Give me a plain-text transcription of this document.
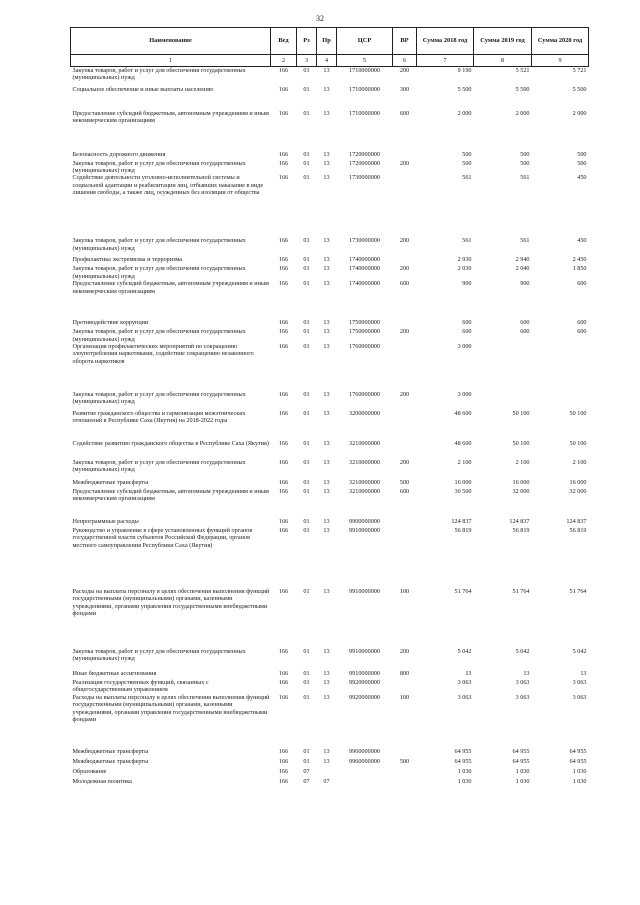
32
Наименование	Вед	Рз	Пр	ЦСР	ВР	Сумма 2018 год	Сумма 2019 год	Сумма 2020 год
1	2	3	4	5	6	7	8	9
Закупка товаров, работ и услуг для обеспечения государственных (муниципальных) нужд	166	01	13	1710000000	200	9 190	5 521	5 721
Социальное обеспечение и иные выплаты населению	166	01	13	1710000000	300	5 500	5 500	5 500
Предоставление субсидий бюджетным, автономным учреждениям и иным некоммерческим организациям	166	01	13	1710000000	600	2 000	2 000	2 000
Безопасность дорожного движения	166	01	13	1720000000		500	500	500
Закупка товаров, работ и услуг для обеспечения государственных (муниципальных) нужд	166	01	13	1720000000	200	500	500	500
Содействие деятельности уголовно-исполнительной системы и социальной адаптации и реабилитации лиц, отбывших наказание в виде лишения свободы, а также лиц, осужденных без изоляции от общества	166	01	13	1730000000		561	561	450
Закупка товаров, работ и услуг для обеспечения государственных (муниципальных) нужд	166	01	13	1730000000	200	561	561	450
Профилактика экстремизма и терроризма	166	01	13	1740000000		2 930	2 940	2 450
Закупка товаров, работ и услуг для обеспечения государственных (муниципальных) нужд	166	01	13	1740000000	200	2 030	2 040	1 850
Предоставление субсидий бюджетным, автономным учреждениям и иным некоммерческим организациям	166	01	13	1740000000	600	900	900	600
Противодействие коррупции	166	01	13	1750000000		600	600	600
Закупка товаров, работ и услуг для обеспечения государственных (муниципальных) нужд	166	01	13	1750000000	200	600	600	600
Организация профилактических мероприятий по сокращению злоупотребления наркотиками, содействие сокращению незаконного оборота наркотиков	166	01	13	1760000000		3 000		
Закупка товаров, работ и услуг для обеспечения государственных (муниципальных) нужд	166	01	13	1760000000	200	3 000		
Развитие гражданского общества и гармонизация межэтнических отношений в Республике Саха (Якутия) на 2018-2022 годы	166	01	13	3200000000		48 600	50 100	50 100
Содействие развитию гражданского общества в Республике Саха (Якутия)	166	01	13	3210000000		48 600	50 100	50 100
Закупка товаров, работ и услуг для обеспечения государственных (муниципальных) нужд	166	01	13	3210000000	200	2 100	2 100	2 100
Межбюджетные трансферты	166	01	13	3210000000	500	16 000	16 000	16 000
Предоставление субсидий бюджетным, автономным учреждениям и иным некоммерческим организациям	166	01	13	3210000000	600	30 500	32 000	32 000
Непрограммные расходы	166	01	13	9900000000		124 837	124 837	124 837
Руководство и управление в сфере установленных функций органов государственной власти субъектов Российской Федерации, органов местного самоуправления Республики Саха (Якутия)	166	01	13	9910000000		56 819	56 819	56 819
Расходы на выплаты персоналу в целях обеспечения выполнения функций государственными (муниципальными) органами, казенными учреждениями, органами управления государственными внебюджетными фондами	166	01	13	9910000000	100	51 764	51 764	51 764
Закупка товаров, работ и услуг для обеспечения государственных (муниципальных) нужд	166	01	13	9910000000	200	5 042	5 042	5 042
Иные бюджетные ассигнования	166	01	13	9910000000	800	13	13	13
Реализация государственных функций, связанных с общегосударственным управлением	166	01	13	9920000000		3 063	3 063	3 063
Расходы на выплаты персоналу в целях обеспечения выполнения функций государственными (муниципальными) органами, казенными учреждениями, органами управления государственными внебюджетными фондами	166	01	13	9920000000	100	3 063	3 063	3 063
Межбюджетные трансферты	166	01	13	9960000000		64 955	64 955	64 955
Межбюджетные трансферты	166	01	13	9960000000	500	64 955	64 955	64 955
Образование	166	07				1 030	1 030	1 030
Молодежная политика	166	07	07			1 030	1 030	1 030
